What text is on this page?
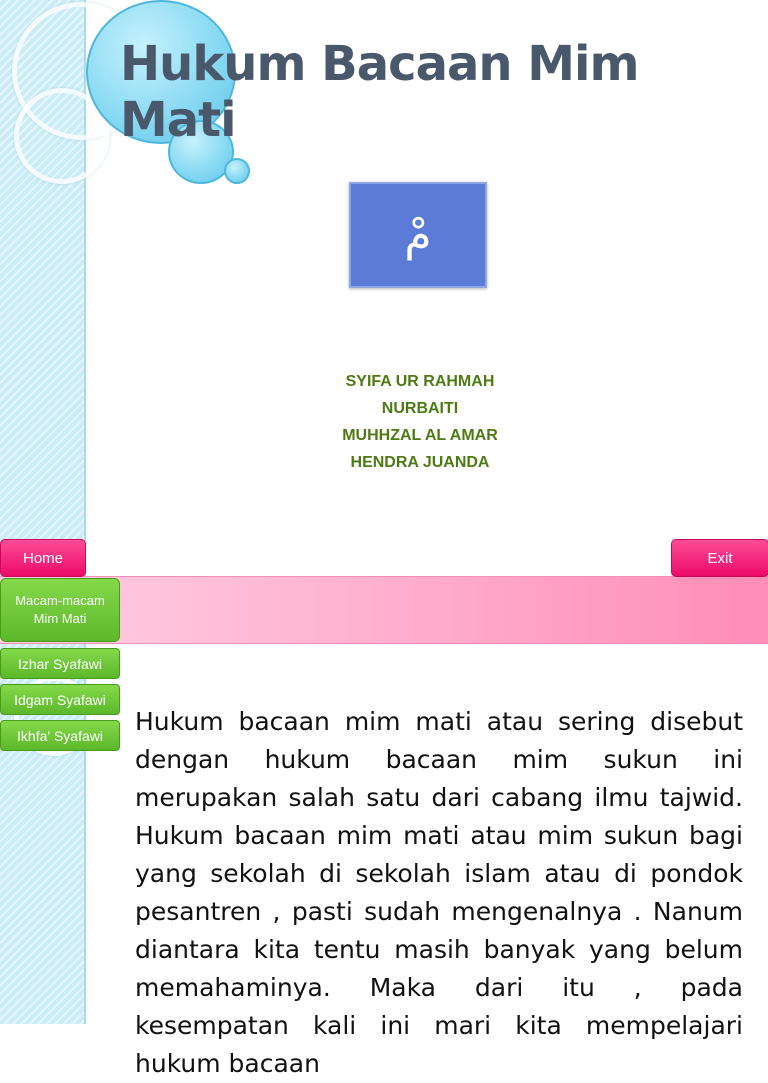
Hukum Bacaan Mim Mati
مْ
SYIFA UR RAHMAH
NURBAITI
MUHHZAL AL AMAR
HENDRA JUANDA
Home	Exit
Macam-macam Mim Mati
Izhar Syafawi
Idgam Syafawi
Ikhfa' Syafawi	Hukum bacaan mim mati atau sering disebut dengan hukum bacaan mim sukun ini merupakan salah satu dari cabang ilmu tajwid. Hukum bacaan mim mati atau mim sukun bagi yang sekolah di sekolah islam atau di pondok pesantren , pasti sudah mengenalnya . Nanum diantara kita tentu masih banyak yang belum memahaminya. Maka dari itu , pada kesempatan kali ini mari kita mempelajari hukum bacaan
